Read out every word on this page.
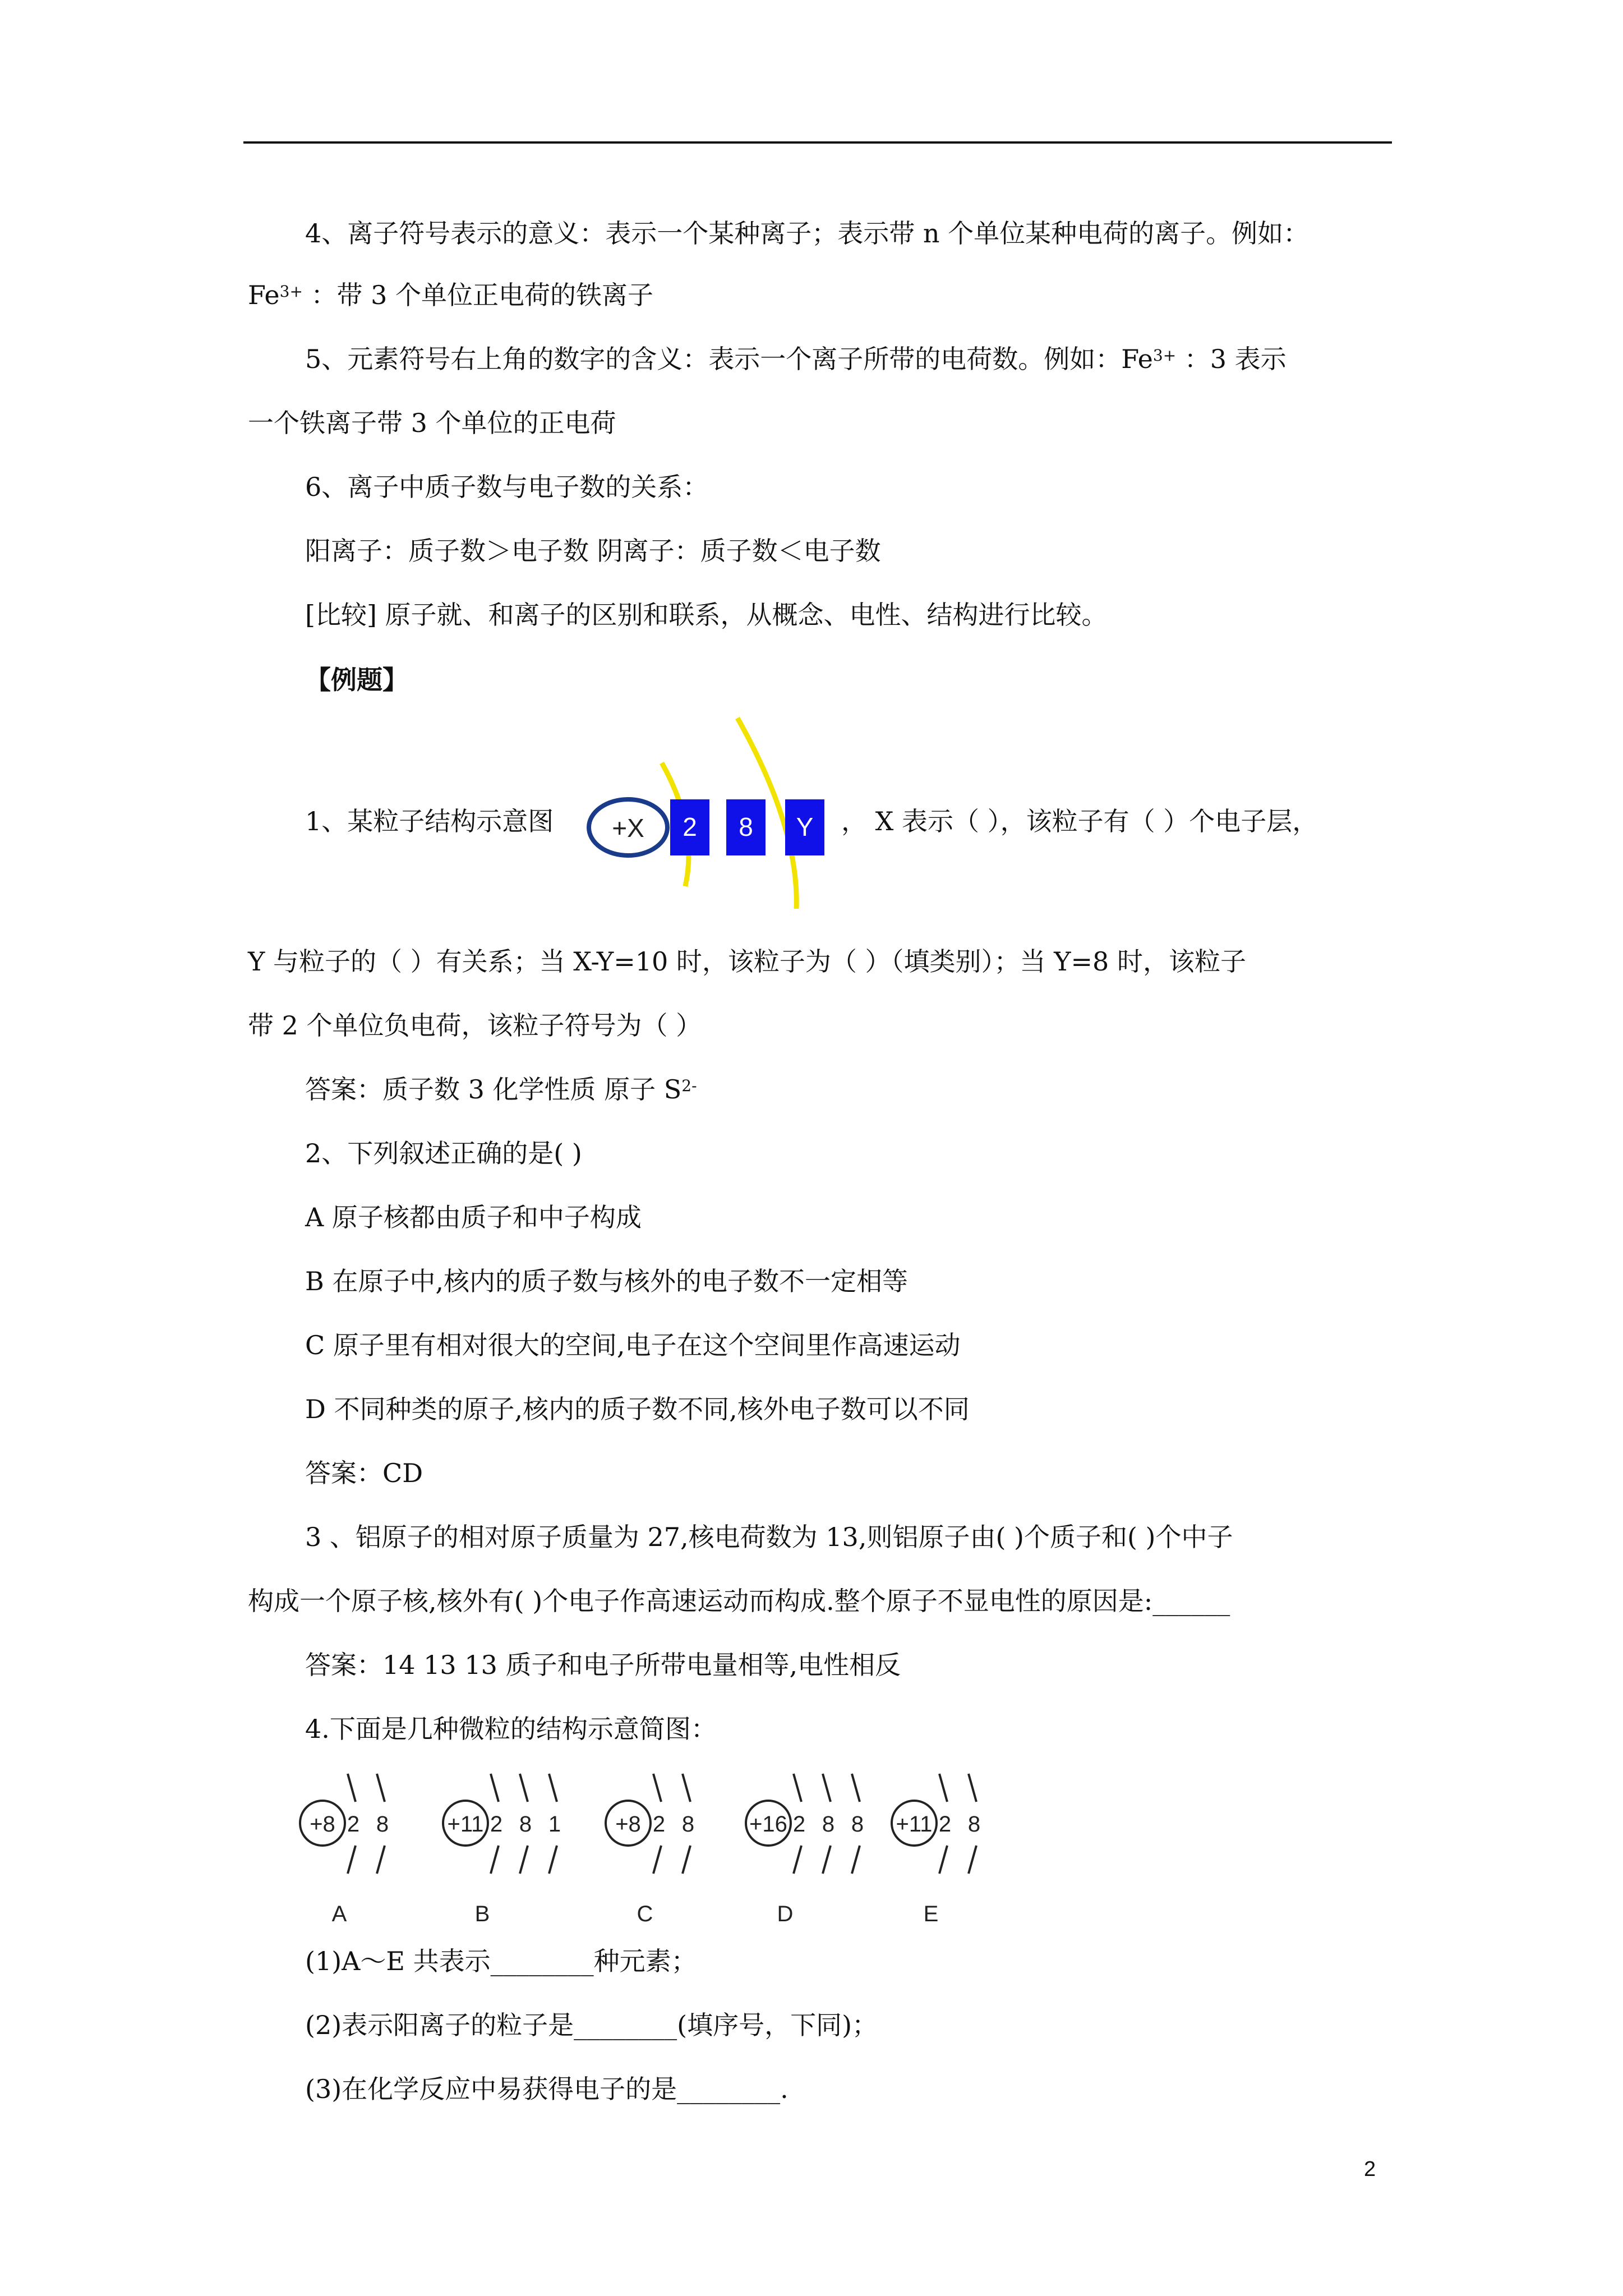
4、离子符号表示的意义：表示一个某种离子；表示带 n 个单位某种电荷的离子。例如：
$Fe^{3+}$ ：带 3 个单位正电荷的铁离子
5、元素符号右上角的数字的含义：表示一个离子所带的电荷数。例如：$Fe^{3+}$ ：3 表示
一个铁离子带 3 个单位的正电荷
6、离子中质子数与电子数的关系：
阳离子：质子数＞电子数 阴离子：质子数＜电子数
[比较] 原子就、和离子的区别和联系，从概念、电性、结构进行比较。
【例题】
1、某粒子结构示意图 +X 2 8 Y ， X 表示（ ），该粒子有（ ）个电子层，
Y 与粒子的（ ）有关系；当 X-Y=10 时，该粒子为（ ）（填类别）；当 Y=8 时，该粒子
带 2 个单位负电荷，该粒子符号为（ ）
答案：质子数 3 化学性质 原子 $S^{2-}$
2、下列叙述正确的是( )
A 原子核都由质子和中子构成
B 在原子中,核内的质子数与核外的电子数不一定相等
C 原子里有相对很大的空间,电子在这个空间里作高速运动
D 不同种类的原子,核内的质子数不同,核外电子数可以不同
答案：CD
3 、铝原子的相对原子质量为 27,核电荷数为 13,则铝原子由( )个质子和( )个中子
构成一个原子核,核外有( )个电子作高速运动而构成.整个原子不显电性的原因是:______
答案：14 13 13 质子和电子所带电量相等,电性相反
4.下面是几种微粒的结构示意简图：
+8 2 8
A
+11 2 8 1
B
+8 2 8
C
+16 2 8 8
D
+11 2 8
E
(1)A～E 共表示________种元素；
(2)表示阳离子的粒子是________(填序号，下同)；
(3)在化学反应中易获得电子的是________.
2
